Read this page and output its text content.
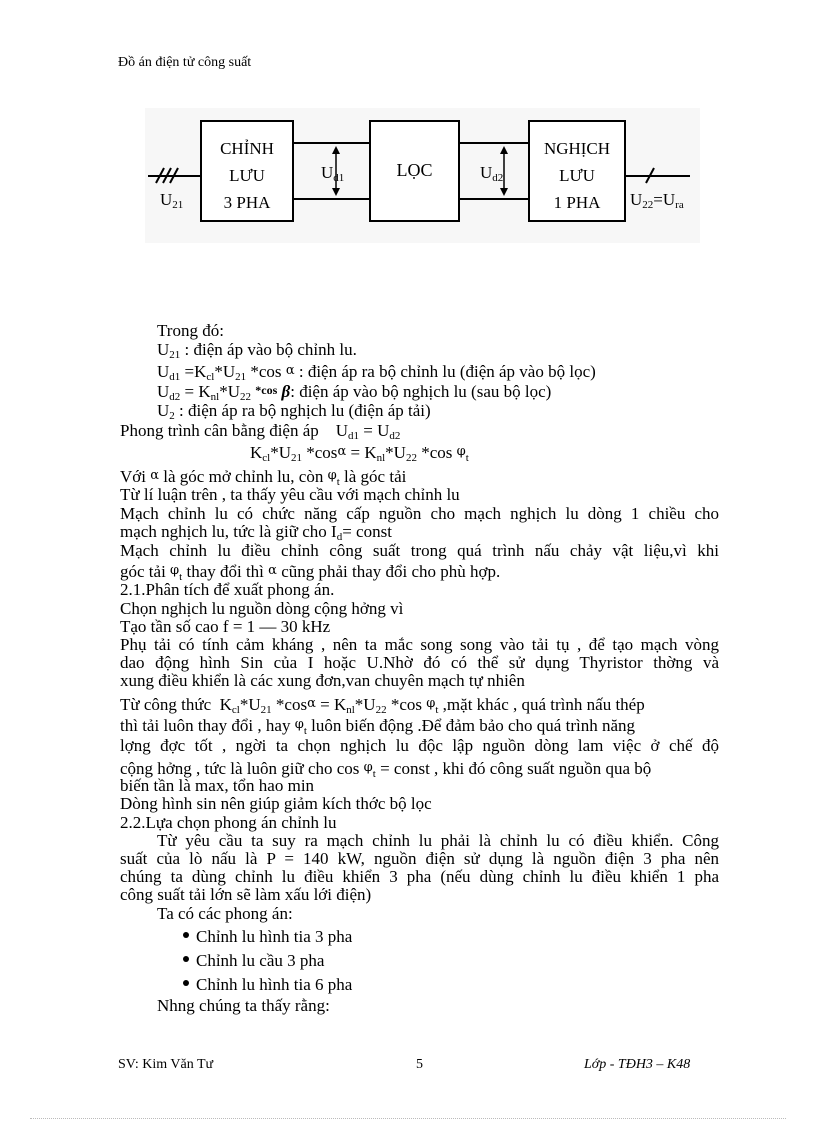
Đồ án điện tử công suất
CHỈNH
LƯU
3 PHA
LỌC
NGHỊCH
LƯU
1 PHA
$U_{21}$
$U_{d1}$	$U_{d2}$
$U_{22}=U_{ra}$
Trong đó:
$U_{21}$ : điện áp vào bộ chỉnh lu.
$U_{d1} =K_{cl}*U_{21}$ *cos α : điện áp ra bộ chỉnh lu (điện áp vào bộ lọc)
$U_{d2} = K_{nl}*U_{22}$ *cos β: điện áp vào bộ nghịch lu (sau bộ lọc)
$U_2$ : điện áp ra bộ nghịch lu (điện áp tải)
Phong trình cân bằng điện áp $U_{d1} = U_{d2}$
$K_{cl}*U_{21}$ $*\cos\alpha = K_{nl}*U_{22}$ *cos $\varphi_t$
Với α là góc mở chỉnh lu, còn $\varphi_t$ là góc tải
Từ lí luận trên , ta thấy yêu cầu với mạch chỉnh lu
Mạch chỉnh lu có chức năng cấp nguồn cho mạch nghịch lu dòng 1 chiều cho
mạch nghịch lu, tức là giữ cho $I_d=$ const
Mạch chỉnh lu điều chỉnh công suất trong quá trình nấu chảy vật liệu,vì khi
góc tải $\varphi_t$ thay đổi thì α cũng phải thay đổi cho phù hợp.
2.1.Phân tích để xuất phong án.
Chọn nghịch lu nguồn dòng cộng hởng vì
Tạo tần số cao f = 1 — 30 kHz
Phụ tải có tính cảm kháng , nên ta mắc song song vào tải tụ , để tạo mạch vòng
dao động hình Sin của I hoặc U.Nhờ đó có thể sử dụng Thyristor thờng và
xung điều khiển là các xung đơn,van chuyên mạch tự nhiên
Từ công thức $K_{cl}*U_{21}$ $*\cos\alpha = K_{nl}*U_{22}$ *cos $\varphi_t$ ,mặt khác , quá trình nấu thép
thì tải luôn thay đổi , hay $\varphi_t$ luôn biến động .Để đảm bảo cho quá trình năng
lợng đợc tốt , ngời ta chọn nghịch lu độc lập nguồn dòng lam việc ở chế độ
cộng hởng , tức là luôn giữ cho $\cos \varphi_t$ = const , khi đó công suất nguồn qua bộ
biến tần là max, tổn hao min
Dòng hình sin nên giúp giảm kích thớc bộ lọc
2.2.Lựa chọn phong án chỉnh lu
Từ yêu cầu ta suy ra mạch chỉnh lu phải là chỉnh lu có điều khiển. Công
suất của lò nấu là P = 140 kW, nguồn điện sử dụng là nguồn điện 3 pha nên
chúng ta dùng chỉnh lu điều khiển 3 pha (nếu dùng chỉnh lu điều khiển 1 pha
công suất tải lớn sẽ làm xấu lới điện)
Ta có các phong án:
Chỉnh lu hình tia 3 pha
Chỉnh lu cầu 3 pha
Chỉnh lu hình tia 6 pha
Nhng chúng ta thấy rằng:
SV: Kim Văn Tư	5	Lớp - TĐH3 – K48
